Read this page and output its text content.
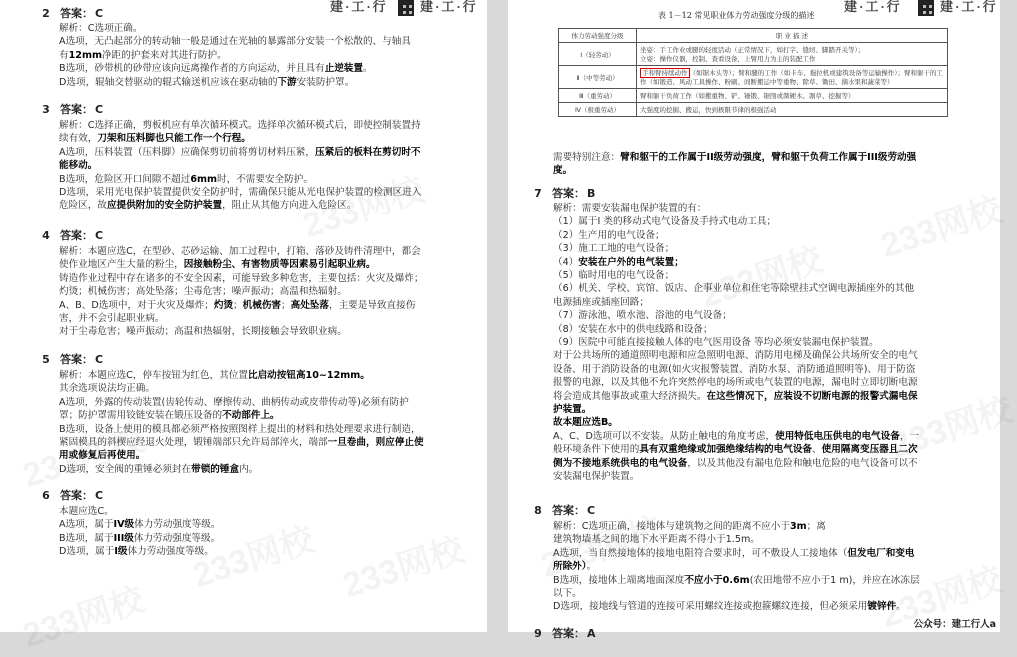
建·工·行 建·工·行
2 答案： C
解析：C选项正确。
A选项，无凸起部分的转动轴一般是通过在光轴的暴露部分安装一个松散的、与轴具
有12mm净距的护套来对其进行防护。
B选项，砂带机的砂带应该向远离操作者的方向运动，并且具有止逆装置。
D选项，辊轴交替驱动的辊式输送机应该在驱动轴的下游安装防护罩。
3 答案： C
解析：C选择正确，剪板机应有单次循环模式。选择单次循环模式后，即使控制装置持
续有效，刀架和压料脚也只能工作一个行程。
A选项，压料装置（压料脚）应确保剪切前将剪切材料压紧，压紧后的板料在剪切时不
能移动。
B选项，危险区开口间隙不超过6mm时，不需要安全防护。
D选项，采用光电保护装置提供安全防护时，需确保只能从光电保护装置的检测区进入
危险区，故应提供附加的安全防护装置，阻止从其他方向进入危险区。
4 答案： C
解析：本题应选C，在型砂、芯砂运输、加工过程中，打箱、落砂及铸件清理中，都会
使作业地区产生大量的粉尘，因接触粉尘、有害物质等因素易引起职业病。
铸造作业过程中存在诸多的不安全因素，可能导致多种危害，主要包括：火灾及爆炸；
灼烫；机械伤害；高处坠落；尘毒危害；噪声振动；高温和热辐射。
A、B、D选项中，对于火灾及爆炸；灼烫；机械伤害；高处坠落，主要是导致直接伤
害，并不会引起职业病。
对于尘毒危害；噪声振动；高温和热辐射，长期接触会导致职业病。
5 答案： C
解析：本题应选C，停车按钮为红色，其位置比启动按钮高10~12mm。
其余选项说法均正确。
A选项，外露的传动装置(齿轮传动、摩擦传动、曲柄传动或皮带传动等)必须有防护
罩；防护罩需用铰链安装在锻压设备的不动部件上。
B选项，设备上使用的模具都必须严格按照图样上提出的材料和热处理要求进行制造，
紧固模具的斜楔应经退火处理，锻锤端部只允许局部淬火，端部一旦卷曲，则应停止使
用或修复后再使用。
D选项，安全阀的重锤必须封在带锁的锤盒内。
6 答案： C
本题应选C。
A选项，属于IV级体力劳动强度等级。
B选项，属于III级体力劳动强度等级。
D选项，属于I级体力劳动强度等级。
建·工·行	建·工·行
表 1－12 常见职业体力劳动强度分级的描述
体力劳动强度分级	职 业 描 述
Ⅰ（轻劳动）	坐姿：手工作业或腿的轻度活动（正常情况下，如打字、缝纫、脚踏开关等）；
立姿：操作仪器，控制、查看设备，上臂用力为主的装配工作
Ⅱ（中等劳动）	手和臂持续动作 （如锯木头等）；臂和腿的工作（如卡车、拖拉机或建筑设备等运输操作）；臂和躯干的工作（如锻造、风动工具操作、粉刷、间断搬运中等重物、除草、锄田、摘水果和蔬菜等）
Ⅲ（重劳动）	臂和躯干负荷工作（如搬重物、铲、锤锻、锯削或凿硬木、割草、挖掘等）
Ⅳ（极重劳动）	大强度的挖掘、搬运，快到极限节律的极强活动
需要特别注意：臂和躯干的工作属于II级劳动强度，臂和躯干负荷工作属于III级劳动强
度。
7 答案： B
解析：需要安装漏电保护装置的有：
（1）属于I 类的移动式电气设备及手持式电动工具；
（2）生产用的电气设备；
（3）施工工地的电气设备；
（4）安装在户外的电气装置；
（5）临时用电的电气设备；
（6）机关、学校、宾馆、饭店、企事业单位和住宅等除壁挂式空调电源插座外的其他
电源插座或插座回路；
（7）游泳池、喷水池、浴池的电气设备；
（8）安装在水中的供电线路和设备；
（9）医院中可能直接接触人体的电气医用设备 等均必须安装漏电保护装置。
对于公共场所的通道照明电源和应急照明电源、消防用电梯及确保公共场所安全的电气
设备、用于消防设备的电源(如火灾报警装置、消防水泵、消防通道照明等)、用于防盗
报警的电源，以及其他不允许突然停电的场所或电气装置的电源，漏电时立即切断电源
将会造成其他事故或重大经济损失。在这些情况下，应装设不切断电源的报警式漏电保
护装置。
故本题应选B。
A、C、D选项可以不安装。从防止触电的角度考虑，使用特低电压供电的电气设备，一
般环境条件下使用的具有双重绝缘或加强绝缘结构的电气设备、使用隔离变压器且二次
侧为不接地系统供电的电气设备，以及其他没有漏电危险和触电危险的电气设备可以不
安装漏电保护装置。
8 答案： C
解析：C选项正确，接地体与建筑物之间的距离不应小于3m；离
建筑物墙基之间的地下水平距离不得小于1.5m。
A选项，当自然接地体的接地电阻符合要求时，可不敷设人工接地体（但发电厂和变电
所除外）。
B选项，接地体上端离地面深度不应小于0.6m(农田地带不应小于1 m)，并应在冰冻层
以下。
D选项，接地线与管道的连接可采用螺纹连接或抱箍螺纹连接，但必须采用镀锌件。
9 答案： A
公众号：建工行人a
